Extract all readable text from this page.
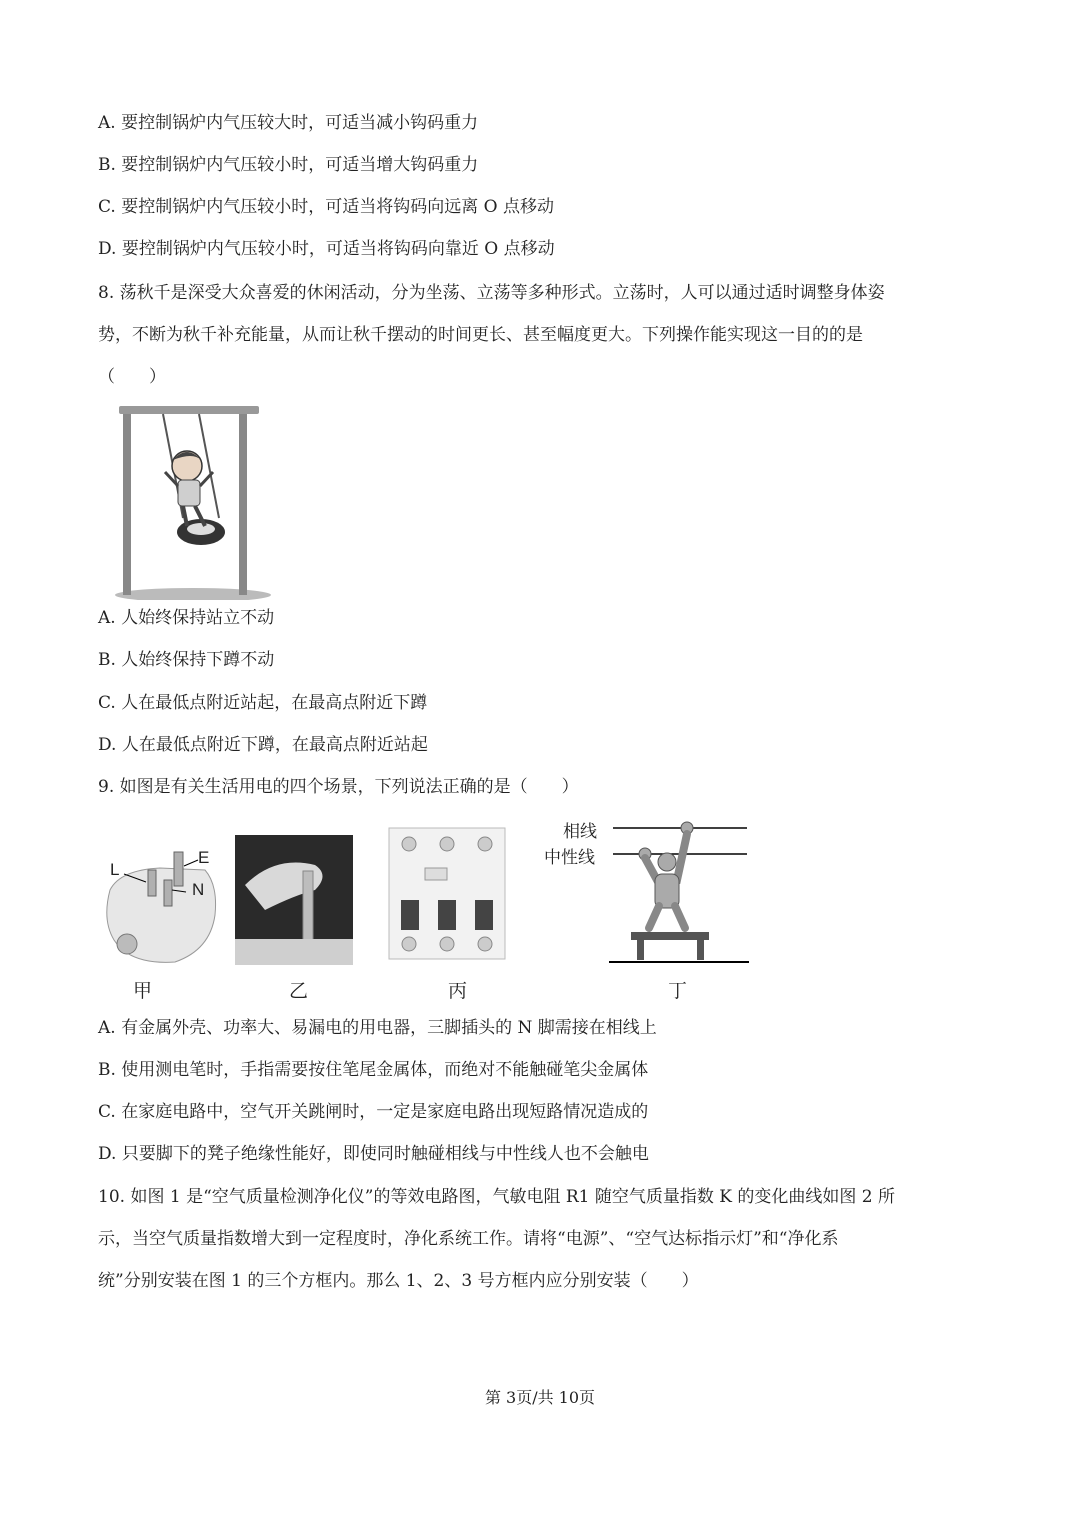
A. 要控制锅炉内气压较大时，可适当减小钩码重力
B. 要控制锅炉内气压较小时，可适当增大钩码重力
C. 要控制锅炉内气压较小时，可适当将钩码向远离 O 点移动
D. 要控制锅炉内气压较小时，可适当将钩码向靠近 O 点移动
8. 荡秋千是深受大众喜爱的休闲活动，分为坐荡、立荡等多种形式。立荡时，人可以通过适时调整身体姿
势，不断为秋千补充能量，从而让秋千摆动的时间更长、甚至幅度更大。下列操作能实现这一目的的是
（　　）
A. 人始终保持站立不动
B. 人始终保持下蹲不动
C. 人在最低点附近站起，在最高点附近下蹲
D. 人在最低点附近下蹲，在最高点附近站起
9. 如图是有关生活用电的四个场景，下列说法正确的是（　　）
L
E
N
相线
中性线
甲	乙	丙	丁
A. 有金属外壳、功率大、易漏电的用电器，三脚插头的 N 脚需接在相线上
B. 使用测电笔时，手指需要按住笔尾金属体，而绝对不能触碰笔尖金属体
C. 在家庭电路中，空气开关跳闸时，一定是家庭电路出现短路情况造成的
D. 只要脚下的凳子绝缘性能好，即使同时触碰相线与中性线人也不会触电
10. 如图 1 是“空气质量检测净化仪”的等效电路图，气敏电阻 R1 随空气质量指数 K 的变化曲线如图 2 所
示，当空气质量指数增大到一定程度时，净化系统工作。请将“电源”、“空气达标指示灯”和“净化系
统”分别安装在图 1 的三个方框内。那么 1、2、3 号方框内应分别安装（　　）
第 3页/共 10页
